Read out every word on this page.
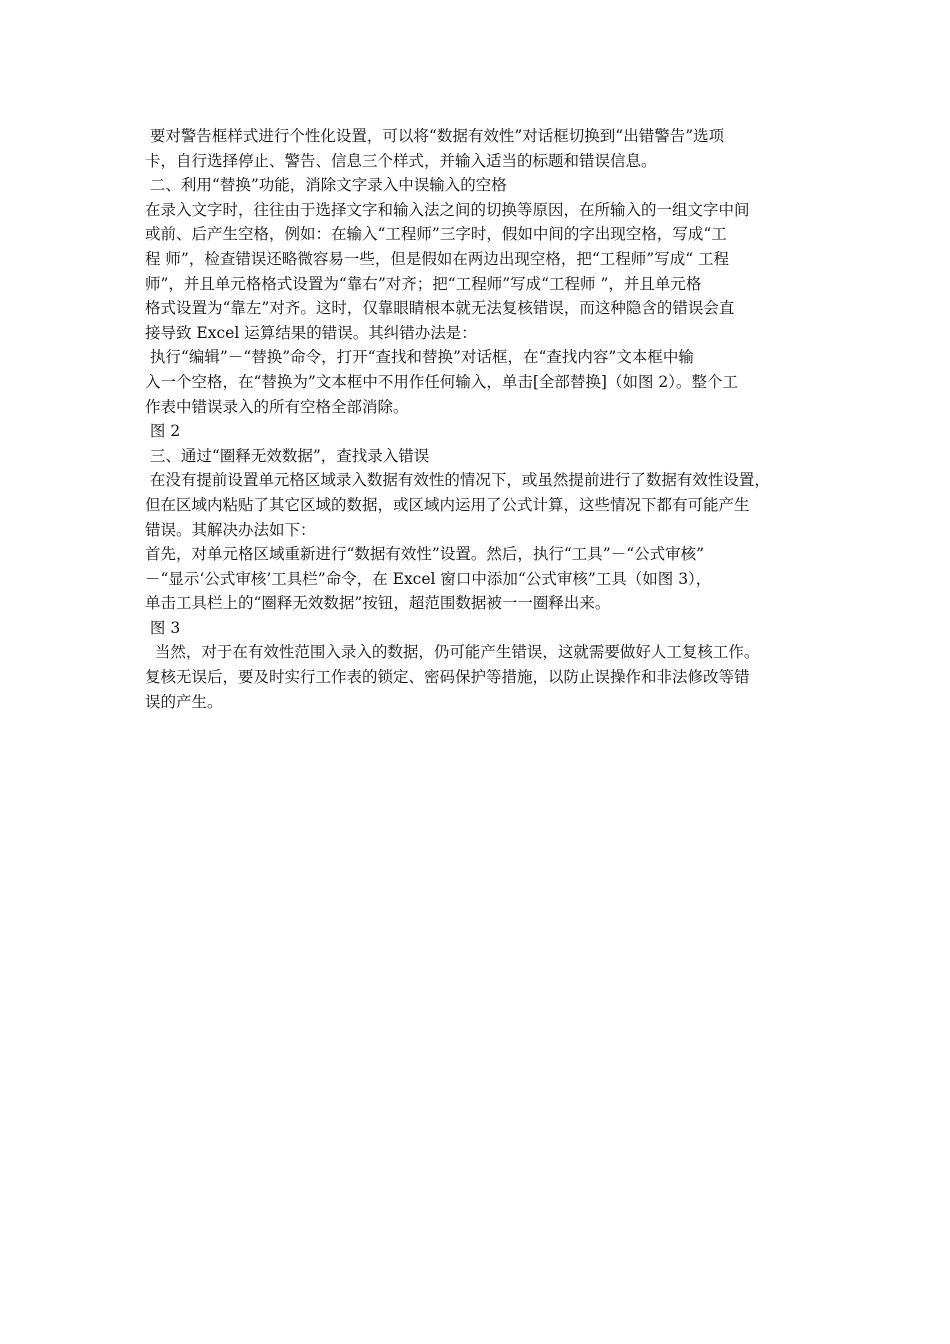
要对警告框样式进行个性化设置，可以将“数据有效性”对话框切换到“出错警告”选项
卡，自行选择停止、警告、信息三个样式，并输入适当的标题和错误信息。
二、利用“替换”功能，消除文字录入中误输入的空格
在录入文字时，往往由于选择文字和输入法之间的切换等原因，在所输入的一组文字中间
或前、后产生空格，例如：在输入“工程师”三字时，假如中间的字出现空格，写成“工
程 师”，检查错误还略微容易一些，但是假如在两边出现空格，把“工程师”写成“ 工程
师”，并且单元格格式设置为“靠右”对齐；把“工程师”写成“工程师 ”，并且单元格
格式设置为“靠左”对齐。这时，仅靠眼睛根本就无法复核错误，而这种隐含的错误会直
接导致 Excel 运算结果的错误。其纠错办法是：
执行“编辑”－“替换”命令，打开“查找和替换”对话框，在“查找内容”文本框中输
入一个空格，在“替换为”文本框中不用作任何输入，单击[全部替换]（如图 2）。整个工
作表中错误录入的所有空格全部消除。
图 2
三、通过“圈释无效数据”，查找录入错误
在没有提前设置单元格区域录入数据有效性的情况下，或虽然提前进行了数据有效性设置，
但在区域内粘贴了其它区域的数据，或区域内运用了公式计算，这些情况下都有可能产生
错误。其解决办法如下：
首先，对单元格区域重新进行“数据有效性”设置。然后，执行“工具”－“公式审核”
－“显示‘公式审核’工具栏”命令，在 Excel 窗口中添加“公式审核”工具（如图 3），
单击工具栏上的“圈释无效数据”按钮，超范围数据被一一圈释出来。
图 3
当然，对于在有效性范围入录入的数据，仍可能产生错误，这就需要做好人工复核工作。
复核无误后，要及时实行工作表的锁定、密码保护等措施，以防止误操作和非法修改等错
误的产生。
